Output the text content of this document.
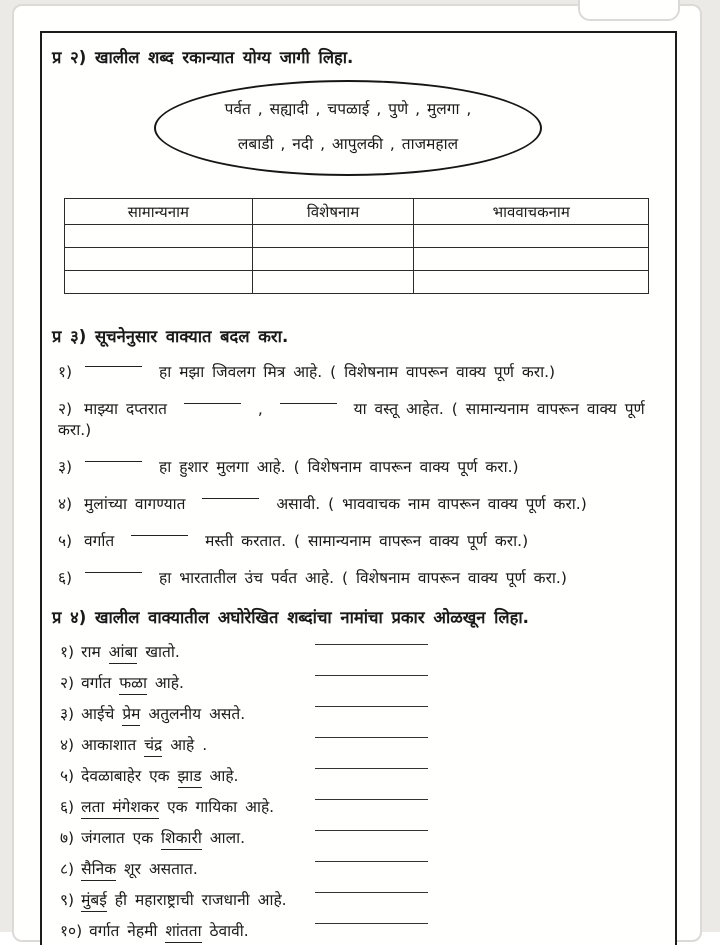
प्र २) खालील शब्द रकान्यात योग्य जागी लिहा.
पर्वत , सह्यादी , चपळाई , पुणे , मुलगा ,
लबाडी , नदी , आपुलकी , ताजमहाल
सामान्यनाम	विशेषनाम	भाववाचकनाम

प्र ३) सूचनेनुसार वाक्यात बदल करा.
१)	हा मझा जिवलग मित्र आहे. ( विशेषनाम वापरून वाक्य पूर्ण करा.)
२) माझ्या दप्तरात	,	या वस्तू आहेत. ( सामान्यनाम वापरून वाक्य पूर्ण करा.)
३)	हा हुशार मुलगा आहे. ( विशेषनाम वापरून वाक्य पूर्ण करा.)
४) मुलांच्या वागण्यात	असावी. ( भाववाचक नाम वापरून वाक्य पूर्ण करा.)
५) वर्गात	मस्ती करतात. ( सामान्यनाम वापरून वाक्य पूर्ण करा.)
६)	हा भारतातील उंच पर्वत आहे. ( विशेषनाम वापरून वाक्य पूर्ण करा.)
प्र ४) खालील वाक्यातील अघोरेखित शब्दांचा नामांचा प्रकार ओळखून लिहा.
१) राम आंबा खातो.
२) वर्गात फळा आहे.
३) आईचे प्रेम अतुलनीय असते.
४) आकाशात चंद्र आहे .
५) देवळाबाहेर एक झाड आहे.
६) लता मंगेशकर एक गायिका आहे.
७) जंगलात एक शिकारी आला.
८) सैनिक शूर असतात.
९) मुंबई ही महाराष्ट्राची राजधानी आहे.
१०) वर्गात नेहमी शांतता ठेवावी.
